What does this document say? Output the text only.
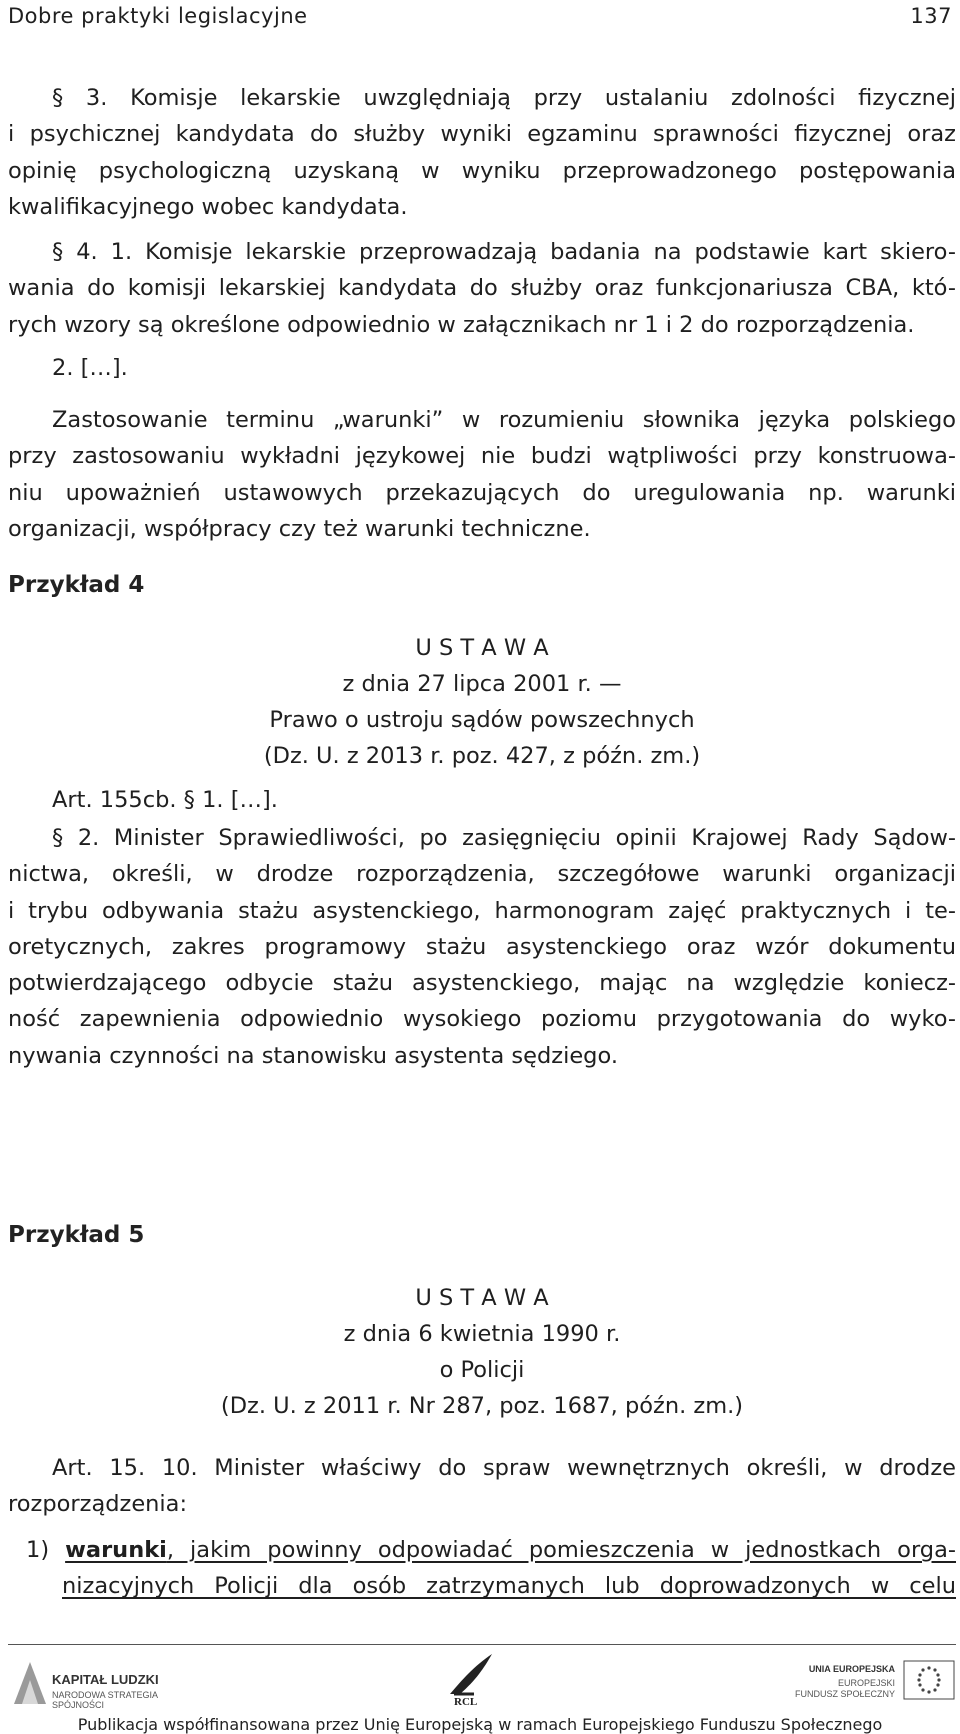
Dobre praktyki legislacyjne	137
§ 3. Komisje lekarskie uwzględniają przy ustalaniu zdolności fizycznej
i psychicznej kandydata do służby wyniki egzaminu sprawności fizycznej oraz
opinię psychologiczną uzyskaną w wyniku przeprowadzonego postępowania
kwalifikacyjnego wobec kandydata.
§ 4. 1. Komisje lekarskie przeprowadzają badania na podstawie kart skiero-
wania do komisji lekarskiej kandydata do służby oraz funkcjonariusza CBA, któ-
rych wzory są określone odpowiednio w załącznikach nr 1 i 2 do rozporządzenia.
2. […].
Zastosowanie terminu „warunki” w rozumieniu słownika języka polskiego
przy zastosowaniu wykładni językowej nie budzi wątpliwości przy konstruowa-
niu upoważnień ustawowych przekazujących do uregulowania np. warunki
organizacji, współpracy czy też warunki techniczne.
Przykład 4
U S T A W A
z dnia 27 lipca 2001 r. —
Prawo o ustroju sądów powszechnych
(Dz. U. z 2013 r. poz. 427, z późn. zm.)
Art. 155cb. § 1. […].
§ 2. Minister Sprawiedliwości, po zasięgnięciu opinii Krajowej Rady Sądow-
nictwa, określi, w drodze rozporządzenia, szczegółowe warunki organizacji
i trybu odbywania stażu asystenckiego, harmonogram zajęć praktycznych i te-
oretycznych, zakres programowy stażu asystenckiego oraz wzór dokumentu
potwierdzającego odbycie stażu asystenckiego, mając na względzie koniecz-
ność zapewnienia odpowiednio wysokiego poziomu przygotowania do wyko-
nywania czynności na stanowisku asystenta sędziego.
Przykład 5
U S T A W A
z dnia 6 kwietnia 1990 r.
o Policji
(Dz. U. z 2011 r. Nr 287, poz. 1687, późn. zm.)
Art. 15. 10. Minister właściwy do spraw wewnętrznych określi, w drodze
rozporządzenia:
1) warunki, jakim powinny odpowiadać pomieszczenia w jednostkach orga-
nizacyjnych Policji dla osób zatrzymanych lub doprowadzonych w celu
KAPITAŁ LUDZKI
NARODOWA STRATEGIA SPÓJNOŚCI	RCL
UNIA EUROPEJSKA
EUROPEJSKI
FUNDUSZ SPOŁECZNY
Publikacja współfinansowana przez Unię Europejską w ramach Europejskiego Funduszu Społecznego
